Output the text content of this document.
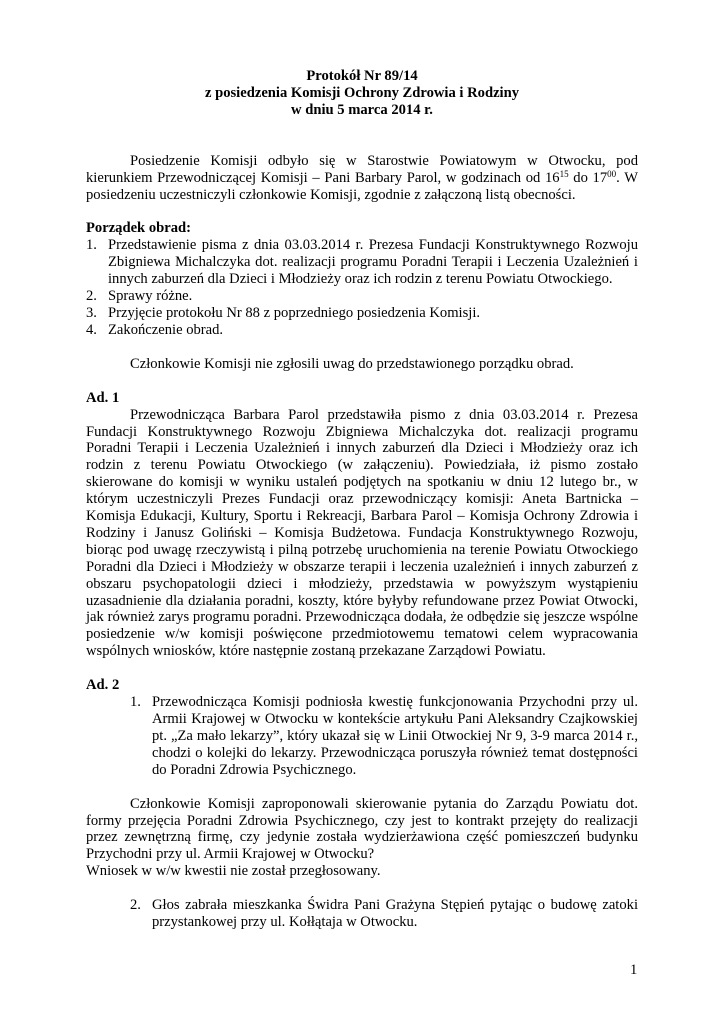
Protokół Nr 89/14

z posiedzenia Komisji Ochrony Zdrowia i Rodziny

w dniu 5 marca 2014 r.

Posiedzenie Komisji odbyło się w Starostwie Powiatowym w Otwocku, pod kierunkiem Przewodniczącej Komisji – Pani Barbary Parol, w godzinach od $16^{15}$ do $17^{00}$. W posiedzeniu uczestniczyli członkowie Komisji, zgodnie z załączoną listą obecności.

Porządek obrad:

1. Przedstawienie pisma z dnia 03.03.2014 r. Prezesa Fundacji Konstruktywnego Rozwoju Zbigniewa Michalczyka dot. realizacji programu Poradni Terapii i Leczenia Uzależnień i innych zaburzeń dla Dzieci i Młodzieży oraz ich rodzin z terenu Powiatu Otwockiego.
2. Sprawy różne.
3. Przyjęcie protokołu Nr 88 z poprzedniego posiedzenia Komisji.
4. Zakończenie obrad.

Członkowie Komisji nie zgłosili uwag do przedstawionego porządku obrad.

Ad. 1

Przewodnicząca Barbara Parol przedstawiła pismo z dnia 03.03.2014 r. Prezesa Fundacji Konstruktywnego Rozwoju Zbigniewa Michalczyka dot. realizacji programu Poradni Terapii i Leczenia Uzależnień i innych zaburzeń dla Dzieci i Młodzieży oraz ich rodzin z terenu Powiatu Otwockiego (w załączeniu). Powiedziała, iż pismo zostało skierowane do komisji w wyniku ustaleń podjętych na spotkaniu w dniu 12 lutego br., w którym uczestniczyli Prezes Fundacji oraz przewodniczący komisji: Aneta Bartnicka – Komisja Edukacji, Kultury, Sportu i Rekreacji, Barbara Parol – Komisja Ochrony Zdrowia i Rodziny i Janusz Goliński – Komisja Budżetowa. Fundacja Konstruktywnego Rozwoju, biorąc pod uwagę rzeczywistą i pilną potrzebę uruchomienia na terenie Powiatu Otwockiego Poradni dla Dzieci i Młodzieży w obszarze terapii i leczenia uzależnień i innych zaburzeń z obszaru psychopatologii dzieci i młodzieży, przedstawia w powyższym wystąpieniu uzasadnienie dla działania poradni, koszty, które byłyby refundowane przez Powiat Otwocki, jak również zarys programu poradni. Przewodnicząca dodała, że odbędzie się jeszcze wspólne posiedzenie w/w komisji poświęcone przedmiotowemu tematowi celem wypracowania wspólnych wniosków, które następnie zostaną przekazane Zarządowi Powiatu.

Ad. 2

1. Przewodnicząca Komisji podniosła kwestię funkcjonowania Przychodni przy ul. Armii Krajowej w Otwocku w kontekście artykułu Pani Aleksandry Czajkowskiej pt. „Za mało lekarzy”, który ukazał się w Linii Otwockiej Nr 9, 3-9 marca 2014 r., chodzi o kolejki do lekarzy. Przewodnicząca poruszyła również temat dostępności do Poradni Zdrowia Psychicznego.

Członkowie Komisji zaproponowali skierowanie pytania do Zarządu Powiatu dot. formy przejęcia Poradni Zdrowia Psychicznego, czy jest to kontrakt przejęty do realizacji przez zewnętrzną firmę, czy jedynie została wydzierżawiona część pomieszczeń budynku Przychodni przy ul. Armii Krajowej w Otwocku?

Wniosek w w/w kwestii nie został przegłosowany.

2. Głos zabrała mieszkanka Świdra Pani Grażyna Stępień pytając o budowę zatoki przystankowej przy ul. Kołłątaja w Otwocku.
1
